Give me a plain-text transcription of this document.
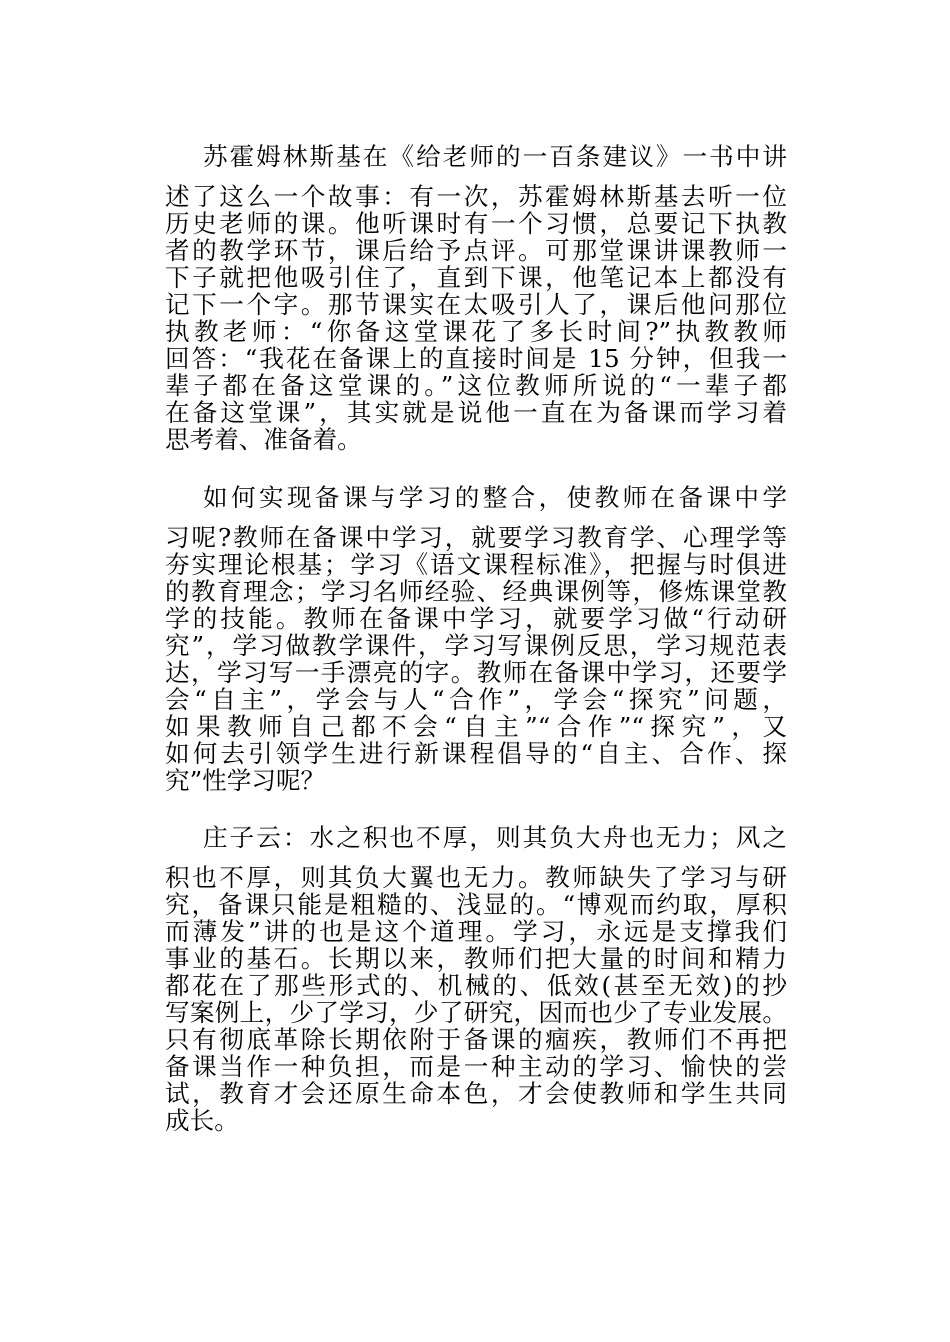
苏霍姆林斯基在《给老师的一百条建议》一书中讲
述了这么一个故事：有一次，苏霍姆林斯基去听一位
历史老师的课。他听课时有一个习惯，总要记下执教
者的教学环节，课后给予点评。可那堂课讲课教师一
下子就把他吸引住了，直到下课，他笔记本上都没有
记下一个字。那节课实在太吸引人了，课后他问那位
执教老师：“你备这堂课花了多长时间?”执教教师
回答：“我花在备课上的直接时间是 15 分钟，但我一
辈子都在备这堂课的。”这位教师所说的“一辈子都
在备这堂课”，其实就是说他一直在为备课而学习着
思考着、准备着。
如何实现备课与学习的整合，使教师在备课中学
习呢?教师在备课中学习，就要学习教育学、心理学等
夯实理论根基；学习《语文课程标准》，把握与时俱进
的教育理念；学习名师经验、经典课例等，修炼课堂教
学的技能。教师在备课中学习，就要学习做“行动研
究”，学习做教学课件，学习写课例反思，学习规范表
达，学习写一手漂亮的字。教师在备课中学习，还要学
会“自主”，学会与人“合作”，学会“探究”问题，
如果教师自己都不会“自主”“合作”“探究”，又
如何去引领学生进行新课程倡导的“自主、合作、探
究”性学习呢？
庄子云：水之积也不厚，则其负大舟也无力；风之
积也不厚，则其负大翼也无力。教师缺失了学习与研
究，备课只能是粗糙的、浅显的。“博观而约取，厚积
而薄发”讲的也是这个道理。学习，永远是支撑我们
事业的基石。长期以来，教师们把大量的时间和精力
都花在了那些形式的、机械的、低效(甚至无效)的抄
写案例上，少了学习，少了研究，因而也少了专业发展。
只有彻底革除长期依附于备课的痼疾，教师们不再把
备课当作一种负担，而是一种主动的学习、愉快的尝
试，教育才会还原生命本色，才会使教师和学生共同
成长。
